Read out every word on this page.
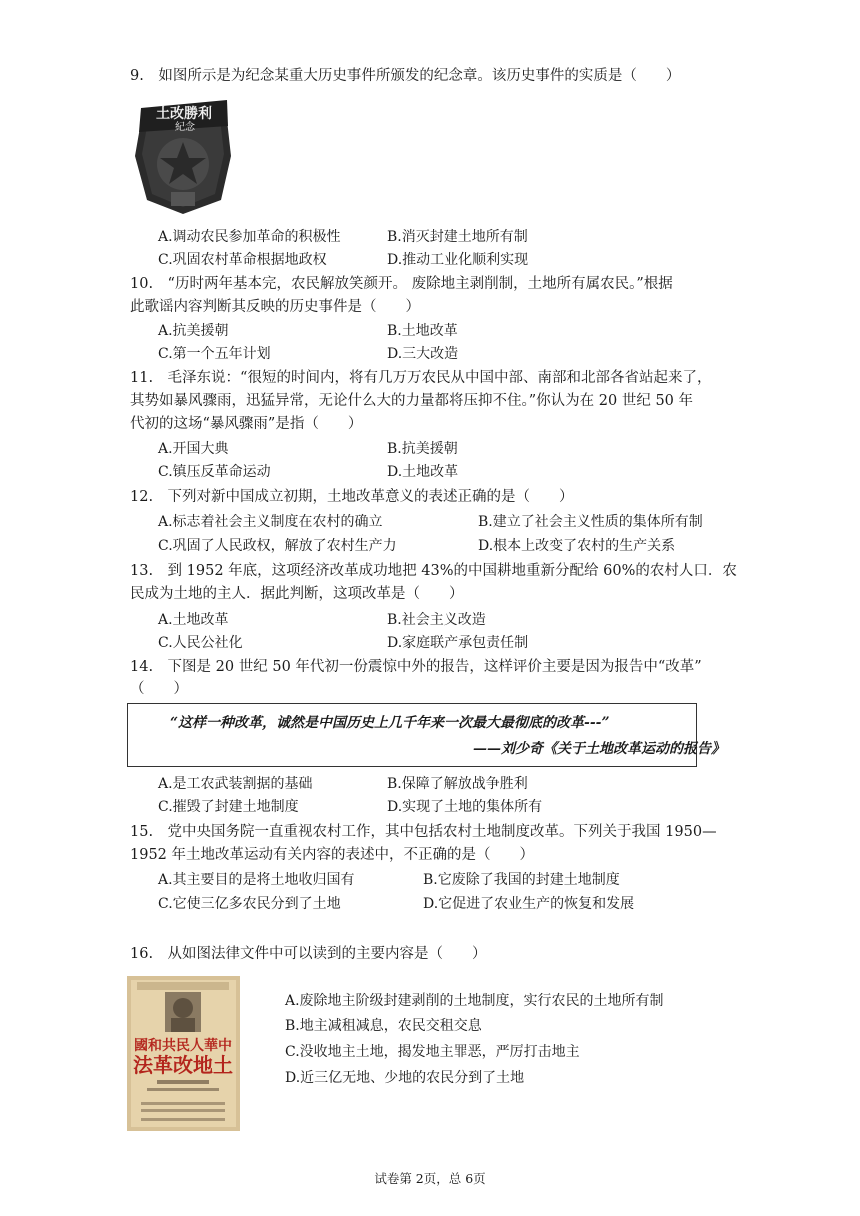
9.　如图所示是为纪念某重大历史事件所颁发的纪念章。该历史事件的实质是（　　）
土改勝利
紀念
A.调动农民参加革命的积极性	B.消灭封建土地所有制
C.巩固农村革命根据地政权	D.推动工业化顺利实现
10.　“历时两年基本完，农民解放笑颜开。 废除地主剥削制，土地所有属农民。”根据
此歌谣内容判断其反映的历史事件是（　　）
A.抗美援朝	B.土地改革
C.第一个五年计划	D.三大改造
11.　毛泽东说：“很短的时间内，将有几万万农民从中国中部、南部和北部各省站起来了，
其势如暴风骤雨，迅猛异常，无论什么大的力量都将压抑不住。”你认为在 20 世纪 50 年
代初的这场“暴风骤雨”是指（　　）
A.开国大典	B.抗美援朝
C.镇压反革命运动	D.土地改革
12.　下列对新中国成立初期，土地改革意义的表述正确的是（　　）
A.标志着社会主义制度在农村的确立	B.建立了社会主义性质的集体所有制
C.巩固了人民政权，解放了农村生产力	D.根本上改变了农村的生产关系
13.　到 1952 年底，这项经济改革成功地把 43%的中国耕地重新分配给 60%的农村人口．农
民成为土地的主人．据此判断，这项改革是（　　）
A.土地改革	B.社会主义改造
C.人民公社化	D.家庭联产承包责任制
14.　下图是 20 世纪 50 年代初一份震惊中外的报告，这样评价主要是因为报告中“改革”
（　　）
“这样一种改革，诚然是中国历史上几千年来一次最大最彻底的改革---”
——刘少奇《关于土地改革运动的报告》
A.是工农武装割据的基础	B.保障了解放战争胜利
C.摧毁了封建土地制度	D.实现了土地的集体所有
15.　党中央国务院一直重视农村工作，其中包括农村土地制度改革。下列关于我国 1950—
1952 年土地改革运动有关内容的表述中，不正确的是（　　）
A.其主要目的是将土地收归国有	B.它废除了我国的封建土地制度
C.它使三亿多农民分到了土地	D.它促进了农业生产的恢复和发展
16.　从如图法律文件中可以读到的主要内容是（　　）
國和共民人華中
法革改地土
A.废除地主阶级封建剥削的土地制度，实行农民的土地所有制
B.地主减租减息，农民交租交息
C.没收地主土地，揭发地主罪恶，严厉打击地主
D.近三亿无地、少地的农民分到了土地
试卷第 2页，总 6页
